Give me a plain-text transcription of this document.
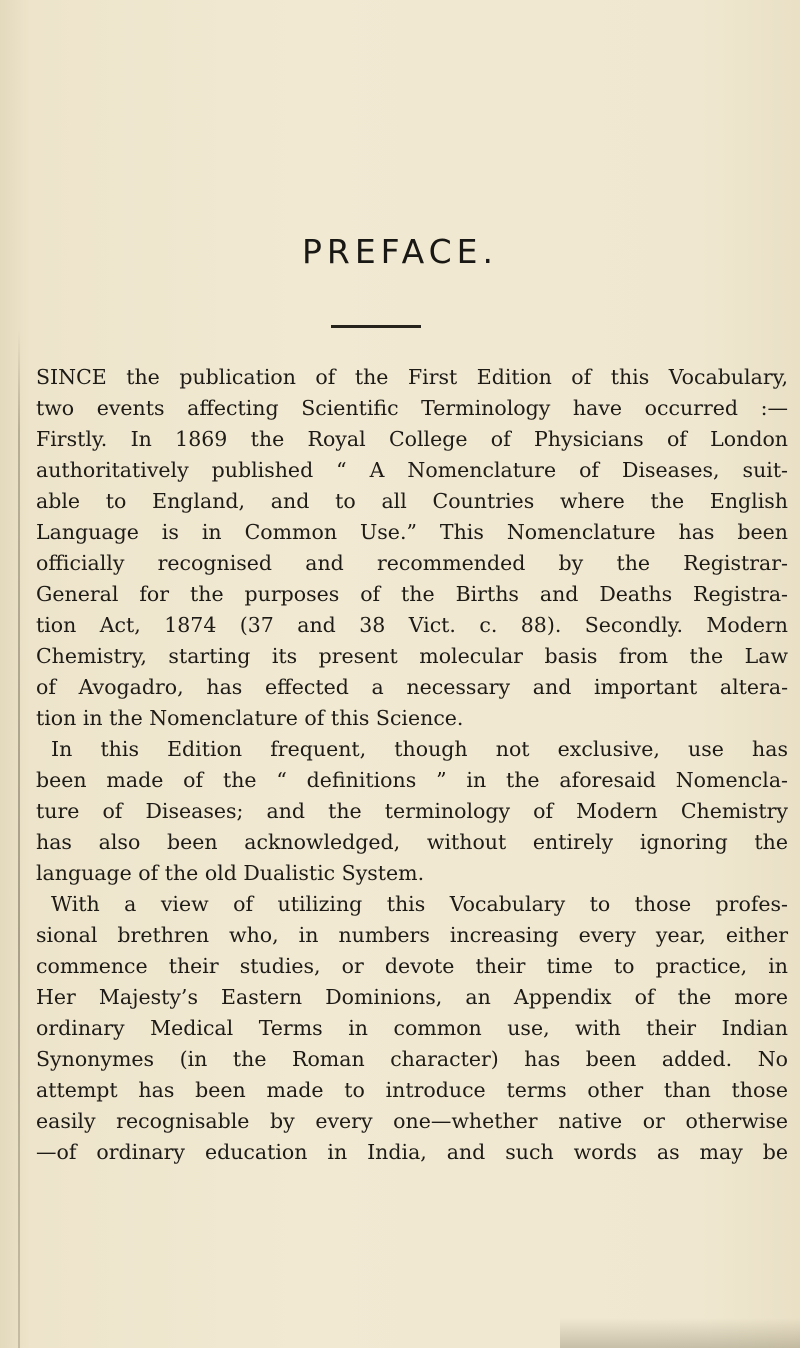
PREFACE.
SINCE the publication of the First Edition of this Vocabulary,
two events affecting Scientific Terminology have occurred :—
Firstly. In 1869 the Royal College of Physicians of London
authoritatively published “ A Nomenclature of Diseases, suit-
able to England, and to all Countries where the English
Language is in Common Use.” This Nomenclature has been
officially recognised and recommended by the Registrar-
General for the purposes of the Births and Deaths Registra-
tion Act, 1874 (37 and 38 Vict. c. 88). Secondly. Modern
Chemistry, starting its present molecular basis from the Law
of Avogadro, has effected a necessary and important altera-
tion in the Nomenclature of this Science.
In this Edition frequent, though not exclusive, use has
been made of the “ definitions ” in the aforesaid Nomencla-
ture of Diseases; and the terminology of Modern Chemistry
has also been acknowledged, without entirely ignoring the
language of the old Dualistic System.
With a view of utilizing this Vocabulary to those profes-
sional brethren who, in numbers increasing every year, either
commence their studies, or devote their time to practice, in
Her Majesty’s Eastern Dominions, an Appendix of the more
ordinary Medical Terms in common use, with their Indian
Synonymes (in the Roman character) has been added. No
attempt has been made to introduce terms other than those
easily recognisable by every one—whether native or otherwise
—of ordinary education in India, and such words as may be
